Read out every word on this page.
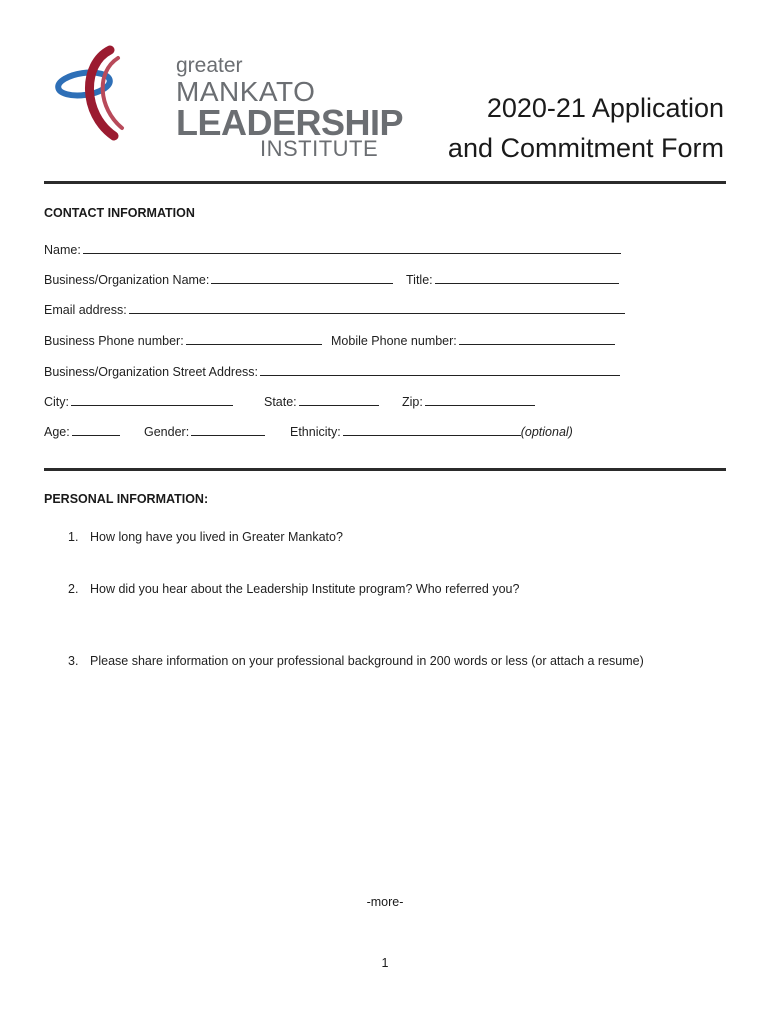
greater
MANKATO
LEADERSHIP
INSTITUTE
2020-21 Application
and Commitment Form
CONTACT INFORMATION
Name:
Business/Organization Name:	Title:
Email address:
Business Phone number:	Mobile Phone number:
Business/Organization Street Address:
City:	State:	Zip:
Age:	Gender:	Ethnicity:	(optional)
PERSONAL INFORMATION:
1. How long have you lived in Greater Mankato?
2. How did you hear about the Leadership Institute program? Who referred you?
3. Please share information on your professional background in 200 words or less (or attach a resume)
-more-
1
